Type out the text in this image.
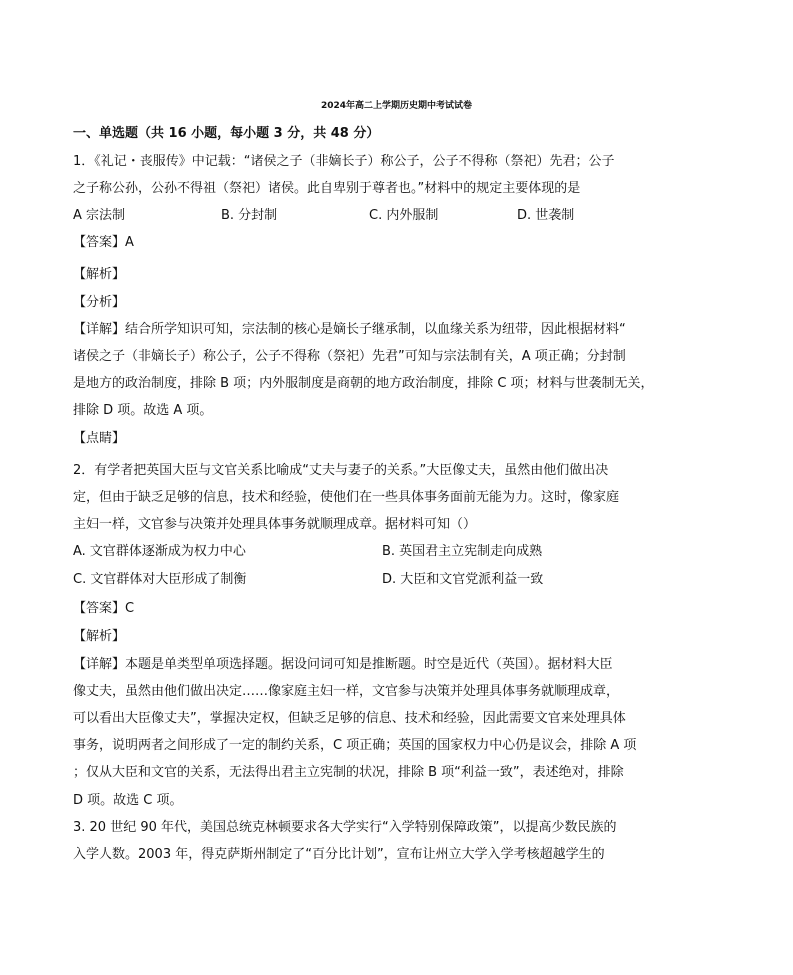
2024年高二上学期历史期中考试试卷
一、单选题（共 16 小题，每小题 3 分，共 48 分）
1．《礼记・丧服传》中记载：“诸侯之子（非嫡长子）称公子，公子不得称（祭祀）先君；公子
之子称公孙，公孙不得祖（祭祀）诸侯。此自卑别于尊者也。”材料中的规定主要体现的是
A 宗法制	B. 分封制	C. 内外服制	D. 世袭制
【答案】A
【解析】
【分析】
【详解】结合所学知识可知，宗法制的核心是嫡长子继承制，以血缘关系为纽带，因此根据材料“
诸侯之子（非嫡长子）称公子，公子不得称（祭祀）先君”可知与宗法制有关，A 项正确；分封制
是地方的政治制度，排除 B 项；内外服制度是商朝的地方政治制度，排除 C 项；材料与世袭制无关，
排除 D 项。故选 A 项。
【点睛】
2．有学者把英国大臣与文官关系比喻成“丈夫与妻子的关系。”大臣像丈夫，虽然由他们做出决
定，但由于缺乏足够的信息，技术和经验，使他们在一些具体事务面前无能为力。这时，像家庭
主妇一样，文官参与决策并处理具体事务就顺理成章。据材料可知（）
A. 文官群体逐渐成为权力中心	B. 英国君主立宪制走向成熟
C. 文官群体对大臣形成了制衡	D. 大臣和文官党派利益一致
【答案】C
【解析】
【详解】本题是单类型单项选择题。据设问词可知是推断题。时空是近代（英国）。据材料大臣
像丈夫，虽然由他们做出决定……像家庭主妇一样，文官参与决策并处理具体事务就顺理成章，
可以看出大臣像丈夫”，掌握决定权，但缺乏足够的信息、技术和经验，因此需要文官来处理具体
事务，说明两者之间形成了一定的制约关系，C 项正确；英国的国家权力中心仍是议会，排除 A 项
；仅从大臣和文官的关系，无法得出君主立宪制的状况，排除 B 项“利益一致”，表述绝对，排除
D 项。故选 C 项。
3. 20 世纪 90 年代，美国总统克林顿要求各大学实行“入学特别保障政策”，以提高少数民族的
入学人数。2003 年，得克萨斯州制定了“百分比计划”，宣布让州立大学入学考核超越学生的
